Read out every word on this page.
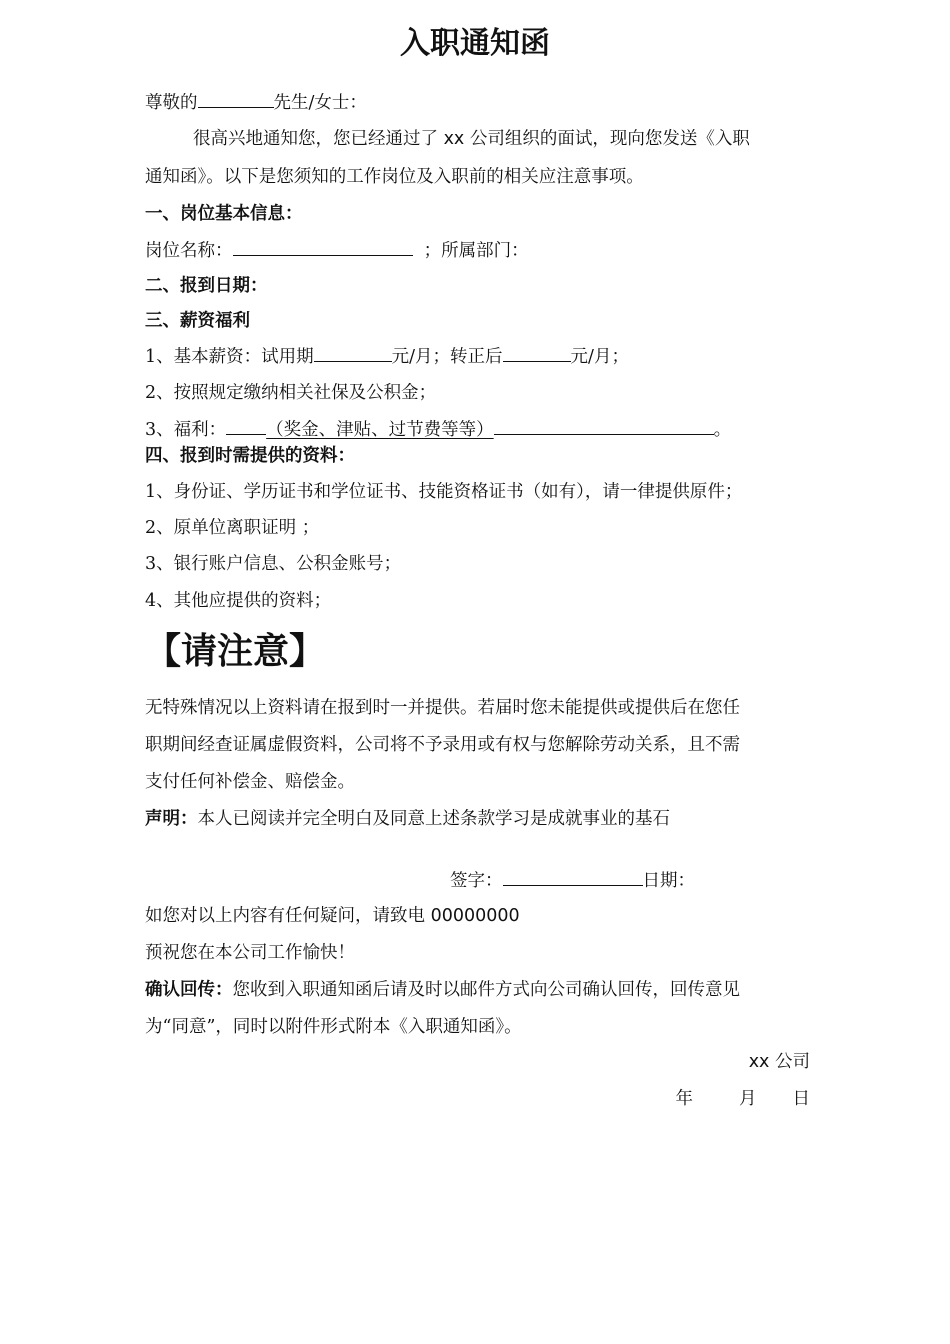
入职通知函
尊敬的	先生/女士：
很高兴地通知您，您已经通过了 xx 公司组织的面试，现向您发送《入职
通知函》。以下是您须知的工作岗位及入职前的相关应注意事项。
一、岗位基本信息：
岗位名称：	；所属部门：
二、报到日期：
三、薪资福利
1、基本薪资：试用期	元/月；转正后	元/月；
2、按照规定缴纳相关社保及公积金；
3、福利： （奖金、津贴、过节费等等）	。
四、报到时需提供的资料：
1、身份证、学历证书和学位证书、技能资格证书（如有），请一律提供原件；
2、原单位离职证明 ；
3、银行账户信息、公积金账号；
4、其他应提供的资料；
【请注意】
无特殊情况以上资料请在报到时一并提供。若届时您未能提供或提供后在您任
职期间经查证属虚假资料，公司将不予录用或有权与您解除劳动关系，且不需
支付任何补偿金、赔偿金。
声明：本人已阅读并完全明白及同意上述条款学习是成就事业的基石
签字：	日期：
如您对以上内容有任何疑问，请致电 00000000
预祝您在本公司工作愉快！
确认回传：您收到入职通知函后请及时以邮件方式向公司确认回传，回传意见
为“同意”，同时以附件形式附本《入职通知函》。
xx 公司
年	月 日
